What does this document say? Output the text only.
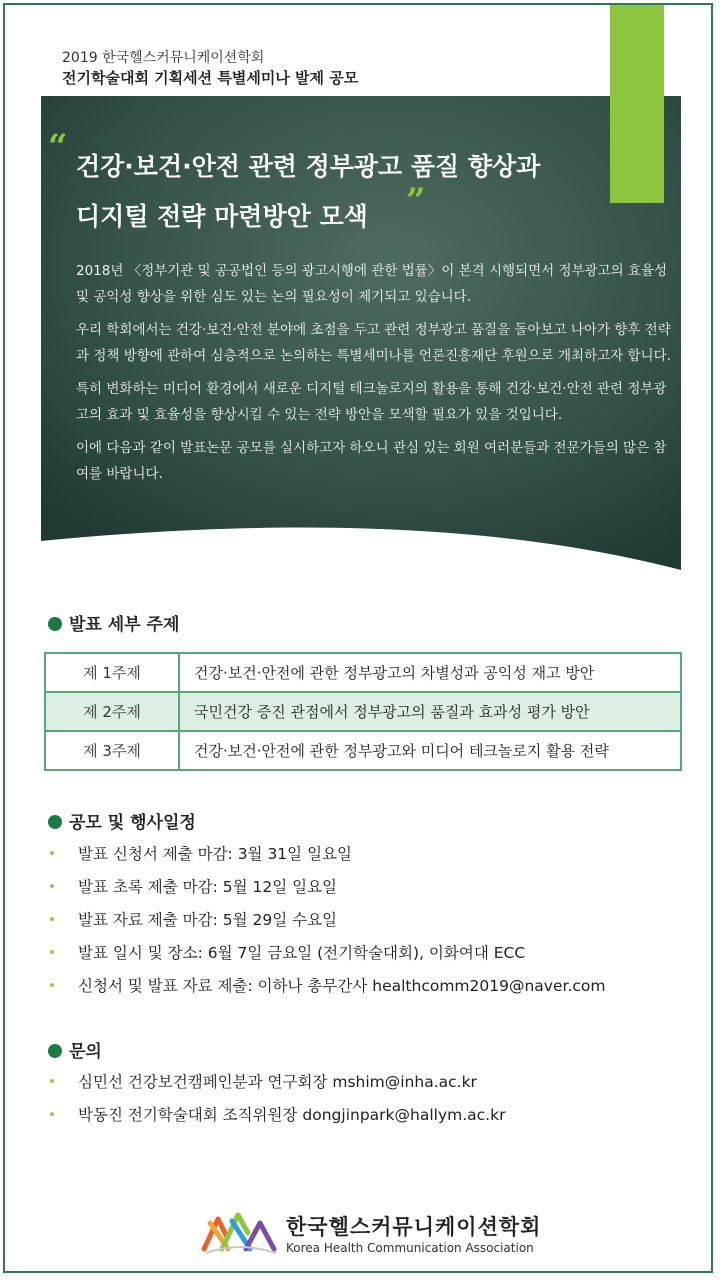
2019 한국헬스커뮤니케이션학회
전기학술대회 기획세션 특별세미나 발제 공모
“ 건강·보건·안전 관련 정부광고 품질 향상과
디지털 전략 마련방안 모색	”

2018년 〈정부기관 및 공공법인 등의 광고시행에 관한 법률〉이 본격 시행되면서 정부광고의 효율성 및 공익성 향상을 위한 심도 있는 논의 필요성이 제기되고 있습니다.

우리 학회에서는 건강·보건·안전 분야에 초점을 두고 관련 정부광고 품질을 돌아보고 나아가 향후 전략과 정책 방향에 관하여 심층적으로 논의하는 특별세미나를 언론진흥재단 후원으로 개최하고자 합니다.

특히 변화하는 미디어 환경에서 새로운 디지털 테크놀로지의 활용을 통해 건강·보건·안전 관련 정부광고의 효과 및 효율성을 향상시킬 수 있는 전략 방안을 모색할 필요가 있을 것입니다.

이에 다음과 같이 발표논문 공모를 실시하고자 하오니 관심 있는 회원 여러분들과 전문가들의 많은 참여를 바랍니다.

발표 세부 주제
제 1주제	건강·보건·안전에 관한 정부광고의 차별성과 공익성 재고 방안
제 2주제	국민건강 증진 관점에서 정부광고의 품질과 효과성 평가 방안
제 3주제	건강·보건·안전에 관한 정부광고와 미디어 테크놀로지 활용 전략
공모 및 행사일정
• 발표 신청서 제출 마감: 3월 31일 일요일
• 발표 초록 제출 마감: 5월 12일 일요일
• 발표 자료 제출 마감: 5월 29일 수요일
• 발표 일시 및 장소: 6월 7일 금요일 (전기학술대회), 이화여대 ECC
• 신청서 및 발표 자료 제출: 이하나 총무간사 healthcomm2019@naver.com
문의
• 심민선 건강보건캠페인분과 연구회장 mshim@inha.ac.kr
• 박동진 전기학술대회 조직위원장 dongjinpark@hallym.ac.kr
한국헬스커뮤니케이션학회
Korea Health Communication Association
